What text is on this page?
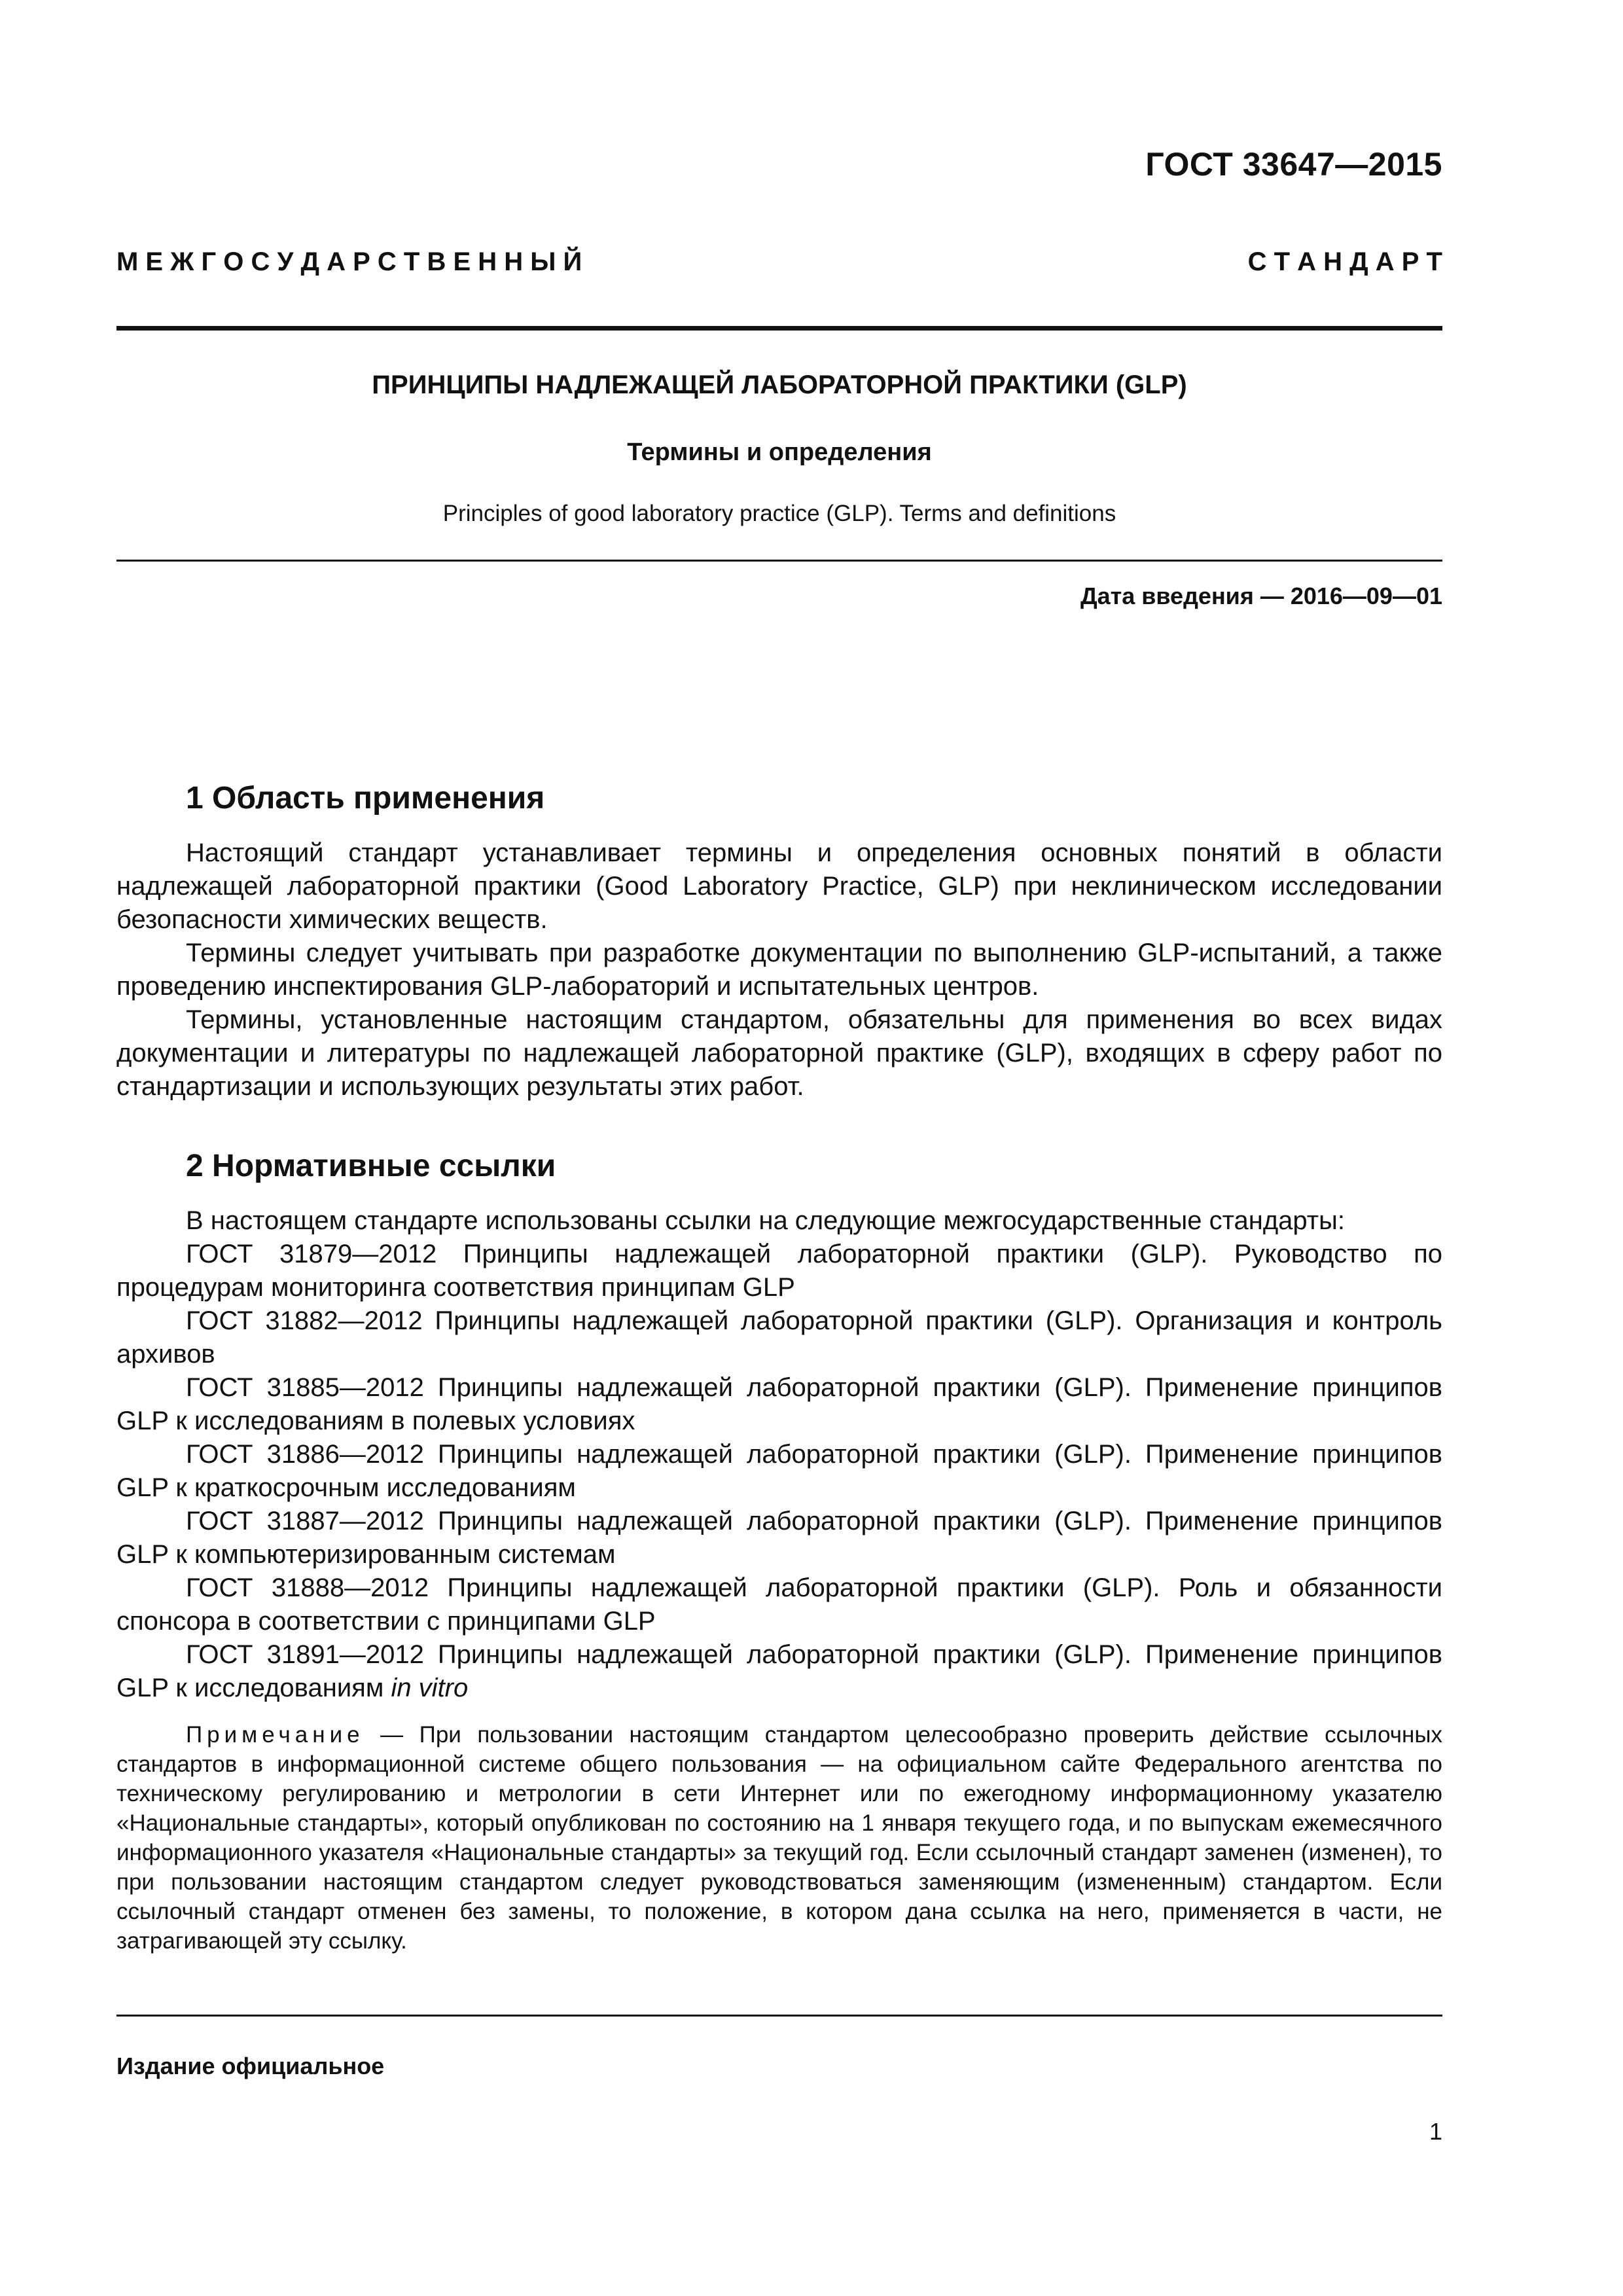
ГОСТ 33647—2015
М Е Ж Г О С У Д А Р С Т В Е Н Н Ы Й	С Т А Н Д А Р Т
ПРИНЦИПЫ НАДЛЕЖАЩЕЙ ЛАБОРАТОРНОЙ ПРАКТИКИ (GLP)
Термины и определения
Principles of good laboratory practice (GLP). Terms and definitions
Дата введения — 2016—09—01
1 Область применения

Настоящий стандарт устанавливает термины и определения основных понятий в области надлежащей лабораторной практики (Good Laboratory Practice, GLP) при неклиническом исследовании безопасности химических веществ.

Термины следует учитывать при разработке документации по выполнению GLP-испытаний, а также проведению инспектирования GLP-лабораторий и испытательных центров.

Термины, установленные настоящим стандартом, обязательны для применения во всех видах документации и литературы по надлежащей лабораторной практике (GLP), входящих в сферу работ по стандартизации и использующих результаты этих работ.

2 Нормативные ссылки

В настоящем стандарте использованы ссылки на следующие межгосударственные стандарты:

ГОСТ 31879—2012 Принципы надлежащей лабораторной практики (GLP). Руководство по процедурам мониторинга соответствия принципам GLP

ГОСТ 31882—2012 Принципы надлежащей лабораторной практики (GLP). Организация и контроль архивов

ГОСТ 31885—2012 Принципы надлежащей лабораторной практики (GLP). Применение принципов GLP к исследованиям в полевых условиях

ГОСТ 31886—2012 Принципы надлежащей лабораторной практики (GLP). Применение принципов GLP к краткосрочным исследованиям

ГОСТ 31887—2012 Принципы надлежащей лабораторной практики (GLP). Применение принципов GLP к компьютеризированным системам

ГОСТ 31888—2012 Принципы надлежащей лабораторной практики (GLP). Роль и обязанности спонсора в соответствии с принципами GLP

ГОСТ 31891—2012 Принципы надлежащей лабораторной практики (GLP). Применение принципов GLP к исследованиям in vitro

Примечание — При пользовании настоящим стандартом целесообразно проверить действие ссылочных стандартов в информационной системе общего пользования — на официальном сайте Федерального агентства по техническому регулированию и метрологии в сети Интернет или по ежегодному информационному указателю «Национальные стандарты», который опубликован по состоянию на 1 января текущего года, и по выпускам ежемесячного информационного указателя «Национальные стандарты» за текущий год. Если ссылочный стандарт заменен (изменен), то при пользовании настоящим стандартом следует руководствоваться заменяющим (измененным) стандартом. Если ссылочный стандарт отменен без замены, то положение, в котором дана ссылка на него, применяется в части, не затрагивающей эту ссылку.

Издание официальное
1
